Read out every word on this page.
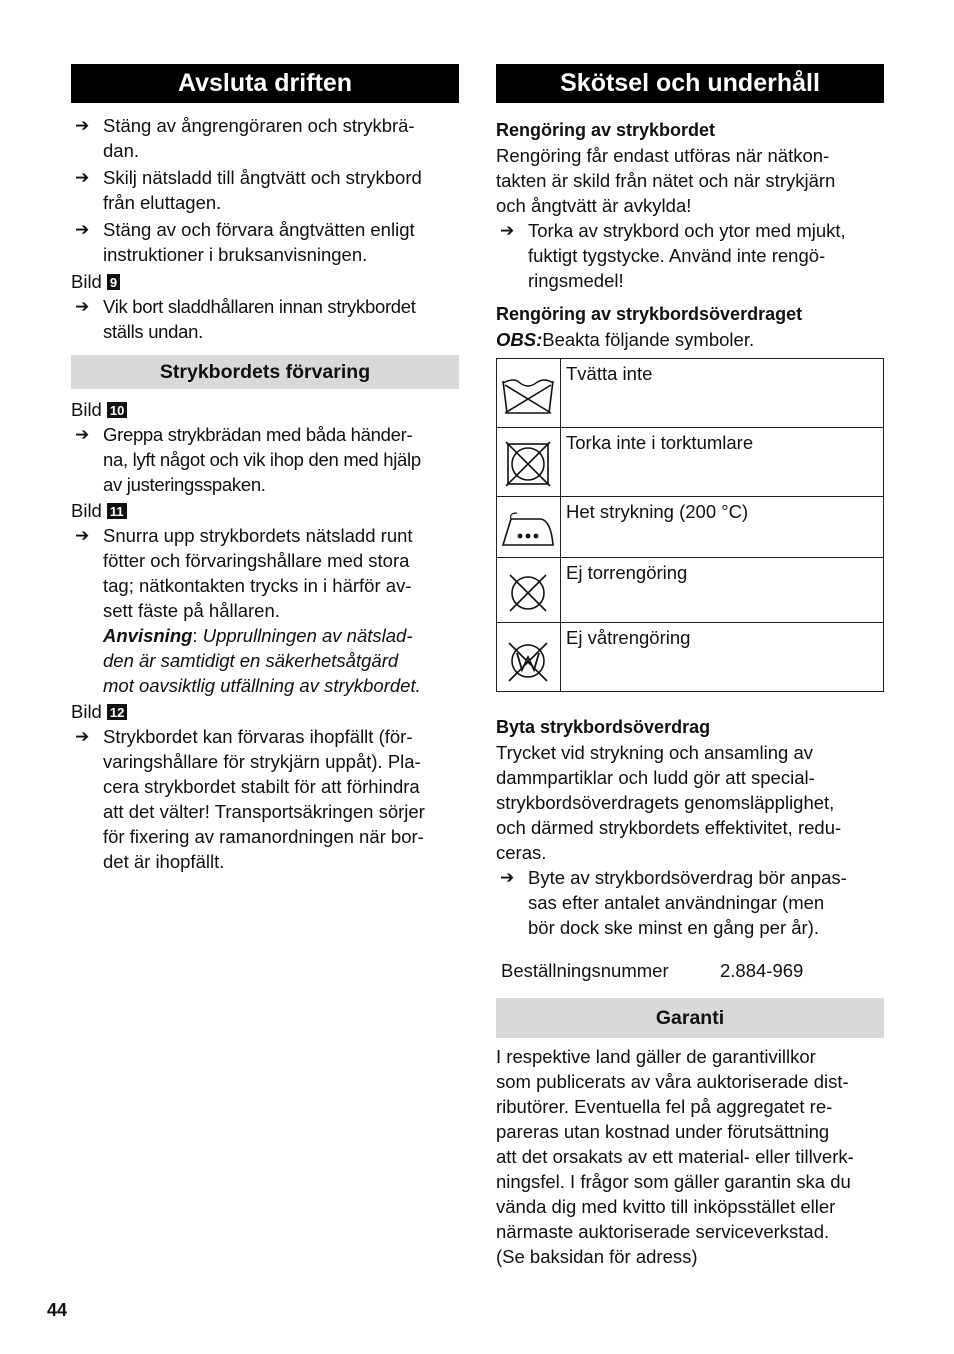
Avsluta driften
➔ Stäng av ångrengöraren och strykbrä-
dan.
➔ Skilj nätsladd till ångtvätt och strykbord
från eluttagen.
➔ Stäng av och förvara ångtvätten enligt
instruktioner i bruksanvisningen.
Bild 9
➔ Vik bort sladdhållaren innan strykbordet
ställs undan.
Strykbordets förvaring
Bild 10
➔ Greppa strykbrädan med båda händer-
na, lyft något och vik ihop den med hjälp
av justeringsspaken.
Bild 11
➔ Snurra upp strykbordets nätsladd runt
fötter och förvaringshållare med stora
tag; nätkontakten trycks in i härför av-
sett fäste på hållaren.
Anvisning: Upprullningen av nätslad-
den är samtidigt en säkerhetsåtgärd
mot oavsiktlig utfällning av strykbordet.
Bild 12
➔ Strykbordet kan förvaras ihopfällt (för-
varingshållare för strykjärn uppåt). Pla-
cera strykbordet stabilt för att förhindra
att det välter! Transportsäkringen sörjer
för fixering av ramanordningen när bor-
det är ihopfällt.
Skötsel och underhåll
Rengöring av strykbordet
Rengöring får endast utföras när nätkon-
takten är skild från nätet och när strykjärn
och ångtvätt är avkylda!
➔ Torka av strykbord och ytor med mjukt,
fuktigt tygstycke. Använd inte rengö-
ringsmedel!
Rengöring av strykbordsöverdraget
OBS:Beakta följande symboler.
	Tvätta inte
	Torka inte i torktumlare
	Het strykning (200 °C)
	Ej torrengöring
	Ej våtrengöring
Byta strykbordsöverdrag
Trycket vid strykning och ansamling av
dammpartiklar och ludd gör att special-
strykbordsöverdragets genomsläpplighet,
och därmed strykbordets effektivitet, redu-
ceras.
➔ Byte av strykbordsöverdrag bör anpas-
sas efter antalet användningar (men
bör dock ske minst en gång per år).
Beställningsnummer	2.884-969
Garanti
I respektive land gäller de garantivillkor
som publicerats av våra auktoriserade dist-
ributörer. Eventuella fel på aggregatet re-
pareras utan kostnad under förutsättning
att det orsakats av ett material- eller tillverk-
ningsfel. I frågor som gäller garantin ska du
vända dig med kvitto till inköpsstället eller
närmaste auktoriserade serviceverkstad.
(Se baksidan för adress)
44
